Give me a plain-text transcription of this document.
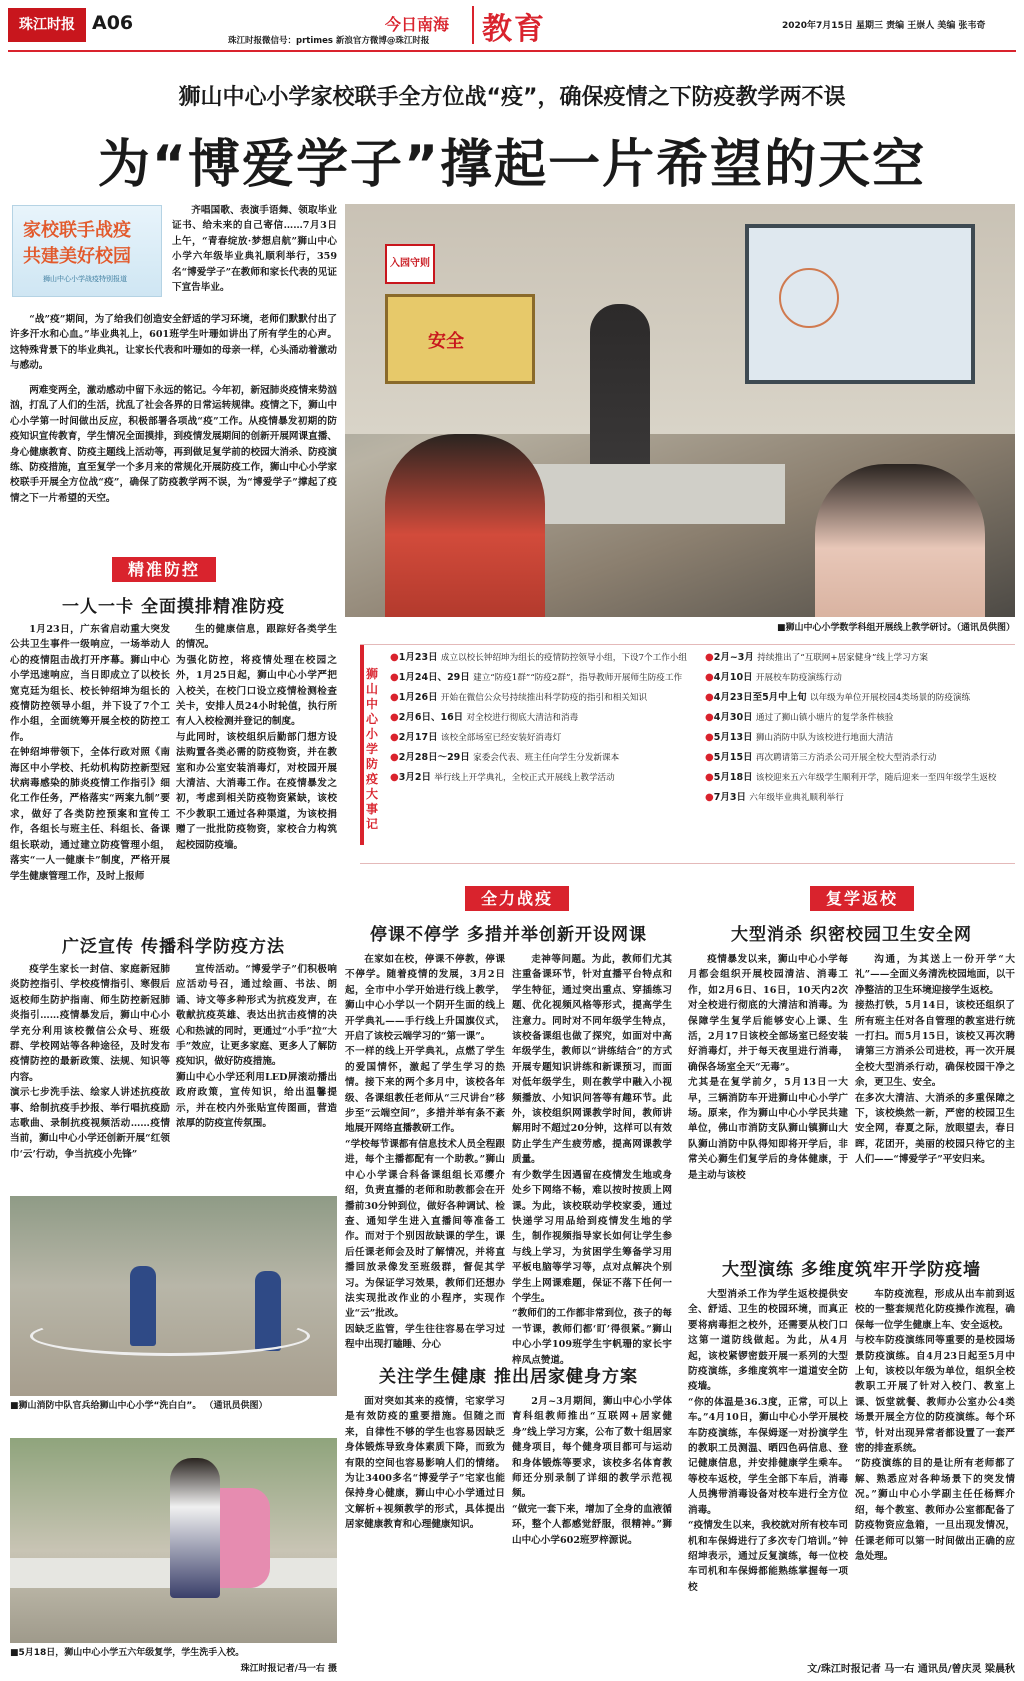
珠江时报 A06
珠江时报微信号：prtimes 新浪官方微博@珠江时报
今日南海 教育	2020年7月15日 星期三 责编 王崇人 美编 张韦奇
狮山中心小学家校联手全方位战“疫”，确保疫情之下防疫教学两不误
为“博爱学子”撑起一片希望的天空
家校联手战疫
共建美好校园
狮山中心小学战疫特别报道
齐唱国歌、表演手语舞、领取毕业证书、给未来的自己寄信……7月3日上午，“青春绽放·梦想启航”狮山中心小学六年级毕业典礼顺利举行，359名“博爱学子”在教师和家长代表的见证下宣告毕业。
“战”疫”期间，为了给我们创造安全舒适的学习环境，老师们默默付出了许多汗水和心血。”毕业典礼上，601班学生叶珊如讲出了所有学生的心声。这特殊背景下的毕业典礼，让家长代表和叶珊如的母亲一样，心头涌动着激动与感动。
两难变两全，激动感动中留下永远的铭记。今年初，新冠肺炎疫情来势汹汹，打乱了人们的生活，扰乱了社会各界的日常运转规律。疫情之下，狮山中心小学第一时间做出反应，积极部署各项战“疫”工作。从疫情暴发初期的防疫知识宣传教育，学生情况全面摸排，到疫情发展期间的创新开展网课直播、身心健康教育、防疫主题线上活动等，再到做足复学前的校园大消杀、防疫演练、防疫措施，直至复学一个多月来的常规化开展防疫工作，狮山中心小学家校联手开展全方位战“疫”，确保了防疫教学两不误，为“博爱学子”撑起了疫情之下一片希望的天空。
安全
入园守则
■狮山中心小学数学科组开展线上教学研讨。（通讯员供图）
精准防控
一人一卡 全面摸排精准防疫
1月23日，广东省启动重大突发公共卫生事件一级响应，一场举动人心的疫情阻击战打开序幕。狮山中心小学迅速响应，当日即成立了以校长宽克廷为组长、校长钟绍坤为组长的疫情防控领导小组，并下设了7个工作小组，全面统筹开展全校的防控工作。
在钟绍坤带领下，全体行政对照《南海区中小学校、托幼机构防控新型冠状病毒感染的肺炎疫情工作指引》细化工作任务，严格落实“两案九制”要求，做好了各类防控预案和宣传工作，各组长与班主任、科组长、备课组长联动，通过建立防疫管理小组，落实“一人一健康卡”制度，严格开展学生健康管理工作，及时上报师
生的健康信息，跟踪好各类学生的情况。
为强化防控，将疫情处理在校园之外，1月25日起，狮山中心小学严把入校关，在校门口设立疫情检测检查关卡，安排人员24小时轮值，执行所有人入校检测并登记的制度。
与此同时，该校组织后勤部门想方设法购置各类必需的防疫物资，并在教室和办公室安装消毒灯，对校园开展大清洁、大消毒工作。在疫情暴发之初，考虑到相关防疫物资紧缺，该校不少教职工通过各种渠道，为该校捐赠了一批批防疫物资，家校合力构筑起校园防疫墙。
广泛宣传 传播科学防疫方法
疫学生家长一封信、家庭新冠肺炎防控指引、学校疫情指引、寒假后返校师生防护指南、师生防控新冠肺炎指引……疫情暴发后，狮山中心小学充分利用该校微信公众号、班级群、学校网站等各种途径，及时发布疫情防控的最新政策、法规、知识等内容。
演示七步洗手法、绘家人讲述抗疫故事、给制抗疫手抄报、举行唱抗疫励志歌曲、录制抗疫视频活动……疫情当前，狮山中心小学还创新开展“红领巾‘云’行动，争当抗疫小先锋”
宣传活动。“博爱学子”们积极响应活动号召，通过绘画、书法、朗诵、诗文等多种形式为抗疫发声，在敬献抗疫英雄、表达出抗击疫情的决心和热诚的同时，更通过“小手”拉“大手”效应，让更多家庭、更多人了解防疫知识，做好防疫措施。
狮山中心小学还利用LED屏滚动播出政府政策，宣传知识，给出温馨提示，并在校内外张贴宣传图画，营造浓厚的防疫宣传氛围。
■狮山消防中队官兵给狮山中心小学“洗白白”。 （通讯员供图）
■5月18日，狮山中心小学五六年级复学，学生洗手入校。
珠江时报记者/马一右 摄
狮山中心小学防疫大事记
●1月23日 成立以校长钟绍坤为组长的疫情防控领导小组，下设7个工作小组
●1月24日、29日 建立“防疫1群”“防疫2群”，指导教师开展师生防疫工作
●1月26日 开始在微信公众号持续推出科学防疫的指引和相关知识
●2月6日、16日 对全校进行彻底大清洁和消毒
●2月17日 该校全部场室已经安装好消毒灯
●2月28日～29日 家委会代表、班主任向学生分发新课本
●3月2日 举行线上开学典礼，全校正式开展线上教学活动
●2月~3月 持续推出了“互联网+居家健身”线上学习方案
●4月10日 开展校车防疫演练行动
●4月23日至5月中上旬 以年级为单位开展校园4类场景的防疫演练
●4月30日 通过了狮山镇小塘片的复学条件核验
●5月13日 狮山消防中队为该校进行地面大清洁
●5月15日 再次聘请第三方消杀公司开展全校大型消杀行动
●5月18日 该校迎来五六年级学生顺利开学，随后迎来一至四年级学生返校
●7月3日 六年级毕业典礼顺利举行
全力战疫
停课不停学 多措并举创新开设网课
在家如在校，停课不停教，停课不停学。随着疫情的发展，3月2日起，全市中小学开始进行线上教学，狮山中心小学以一个阴开生面的线上开学典礼——手行线上升国旗仪式，开启了该校云端学习的“第一课”。
不一样的线上开学典礼，点燃了学生的爱国情怀，激起了学生学习的热情。接下来的两个多月中，该校各年级、各课组教任老师从“三尺讲台”移步至“云端空间”，多措并举有条不紊地展开网络直播教研工作。
“学校每节课都有信息技术人员全程跟进，每个主播都配有一个助教。”狮山中心小学课合科备课组组长邓缨介绍，负责直播的老师和助教都会在开播前30分钟到位，做好各种调试、检查、通知学生进入直播间等准备工作。而对于个别因故缺课的学生，课后任课老师会及时了解情况，并将直播回放录像发至班级群，督促其学习。为保证学习效果，教师们还想办法实现批改作业的小程序，实现作业“云”批改。
因缺乏监管，学生往往容易在学习过程中出现打瞌睡、分心
走神等问题。为此，教师们尤其注重备课环节，针对直播平台特点和学生特征，通过突出重点、穿插练习题、优化视频风格等形式，提高学生注意力。同时对不同年级学生特点，该校备课组也做了探究，如面对中高年级学生，教师以“讲练结合”的方式开展专题知识讲练和新课预习，而面对低年级学生，则在教学中融入小视频播放、小知识问答等有趣环节。此外，该校组织网课教学时间，教师讲解用时不超过20分钟，这样可以有效防止学生产生疲劳感，提高网课教学质量。
有少数学生因遇留在疫情发生地或身处乡下网络不畅，难以按时按质上网课。为此，该校联动学校家委，通过快递学习用品给到疫情发生地的学生，制作视频指导家长如何让学生参与线上学习，为贫困学生筹备学习用平板电脑等学习等，点对点解决个别学生上网课难题，保证不落下任何一个学生。
“教师们的工作都非常到位，孩子的每一节课，教师们都‘盯’得很紧。”狮山中心小学109班学生宇帆珊的家长宇梓凤点赞道。
关注学生健康 推出居家健身方案
面对突如其来的疫情，宅家学习是有效防疫的重要措施。但随之而来，自律性不够的学生也容易因缺乏身体锻炼导致身体素质下降，而致为有限的空间也容易影响人们的情绪。为让3400多名“博爱学子”宅家也能保持身心健康，狮山中心小学通过日文解析+视频教学的形式，具体提出居家健康教育和心理健康知识。
2月~3月期间，狮山中心小学体育科组教师推出“互联网+居家健身”线上学习方案，公布了数十组居家健身项目，每个健身项目都可与运动和身体锻炼等要求，该校多名体育教师还分别录制了详细的教学示范视频。
“做完一套下来，增加了全身的血液循环，整个人都感觉舒服，很精神。”狮山中心小学602班罗梓源说。
复学返校
大型消杀 织密校园卫生安全网
疫情暴发以来，狮山中心小学每月都会组织开展校园清洁、消毒工作，如2月6日、16日，10天内2次对全校进行彻底的大清洁和消毒。为保障学生复学后能够安心上课、生活，2月17日该校全部场室已经安装好消毒灯，并于每天夜里进行消毒，确保各场室全天“无毒”。
尤其是在复学前夕，5月13日一大早，三辆消防车开进狮山中心小学广场。原来，作为狮山中心小学民共建单位，佛山市消防支队狮山镇狮山大队狮山消防中队得知即将开学后，非常关心狮生们复学后的身体健康，于是主动与该校
沟通，为其送上一份开学“大礼”——全面义务清洗校园地面，以干净整洁的卫生环境迎接学生返校。
接热打铁，5月14日，该校还组织了所有班主任对各自管理的教室进行统一打扫。而5月15日，该校又再次聘请第三方消杀公司进校，再一次开展全校大型消杀行动，确保校园干净之余，更卫生、安全。
在多次大清洁、大消杀的多重保障之下，该校焕然一新，严密的校园卫生安全网，春夏之际，放眼望去，春日晖，花团开，美丽的校园只待它的主人们——“博爱学子”平安归来。
大型演练 多维度筑牢开学防疫墙
大型消杀工作为学生返校提供安全、舒适、卫生的校园环境，而真正要将病毒拒之校外，还需要从校门口这第一道防线做起。为此，从4月起，该校紧锣密鼓开展一系列的大型防疫演练，多维度筑牢一道道安全防疫墙。
“你的体温是36.3度，正常，可以上车。”4月10日，狮山中心小学开展校车防疫演练，车保姆逐一对扮演学生的教职工员测温、晒四色码信息、登记健康信息，并安排健康学生乘车。等校车返校，学生全部下车后，消毒人员携带消毒设备对校车进行全方位消毒。
“疫情发生以来，我校就对所有校车司机和车保姆进行了多次专门培训。”钟绍坤表示，通过反复演练，每一位校车司机和车保姆都能熟练掌握每一项校
车防疫流程，形成从出车前到返校的一整套规范化防疫操作流程，确保每一位学生健康上车、安全返校。
与校车防疫演练同等重要的是校园场景防疫演练。自4月23日起至5月中上旬，该校以年级为单位，组织全校教职工开展了针对入校门、教室上课、饭堂就餐、教师办公室办公4类场景开展全方位的防疫演练。每个环节，针对出现异常者都设置了一套严密的排查系统。
“防疫演练的目的是让所有老师都了解、熟悉应对各种场景下的突发情况。”狮山中心小学副主任任杨辉介绍，每个教室、教师办公室都配备了防疫物资应急箱，一旦出现发情况，任课老师可以第一时间做出正确的应急处理。
文/珠江时报记者 马一右 通讯员/曾庆灵 梁晨秋
